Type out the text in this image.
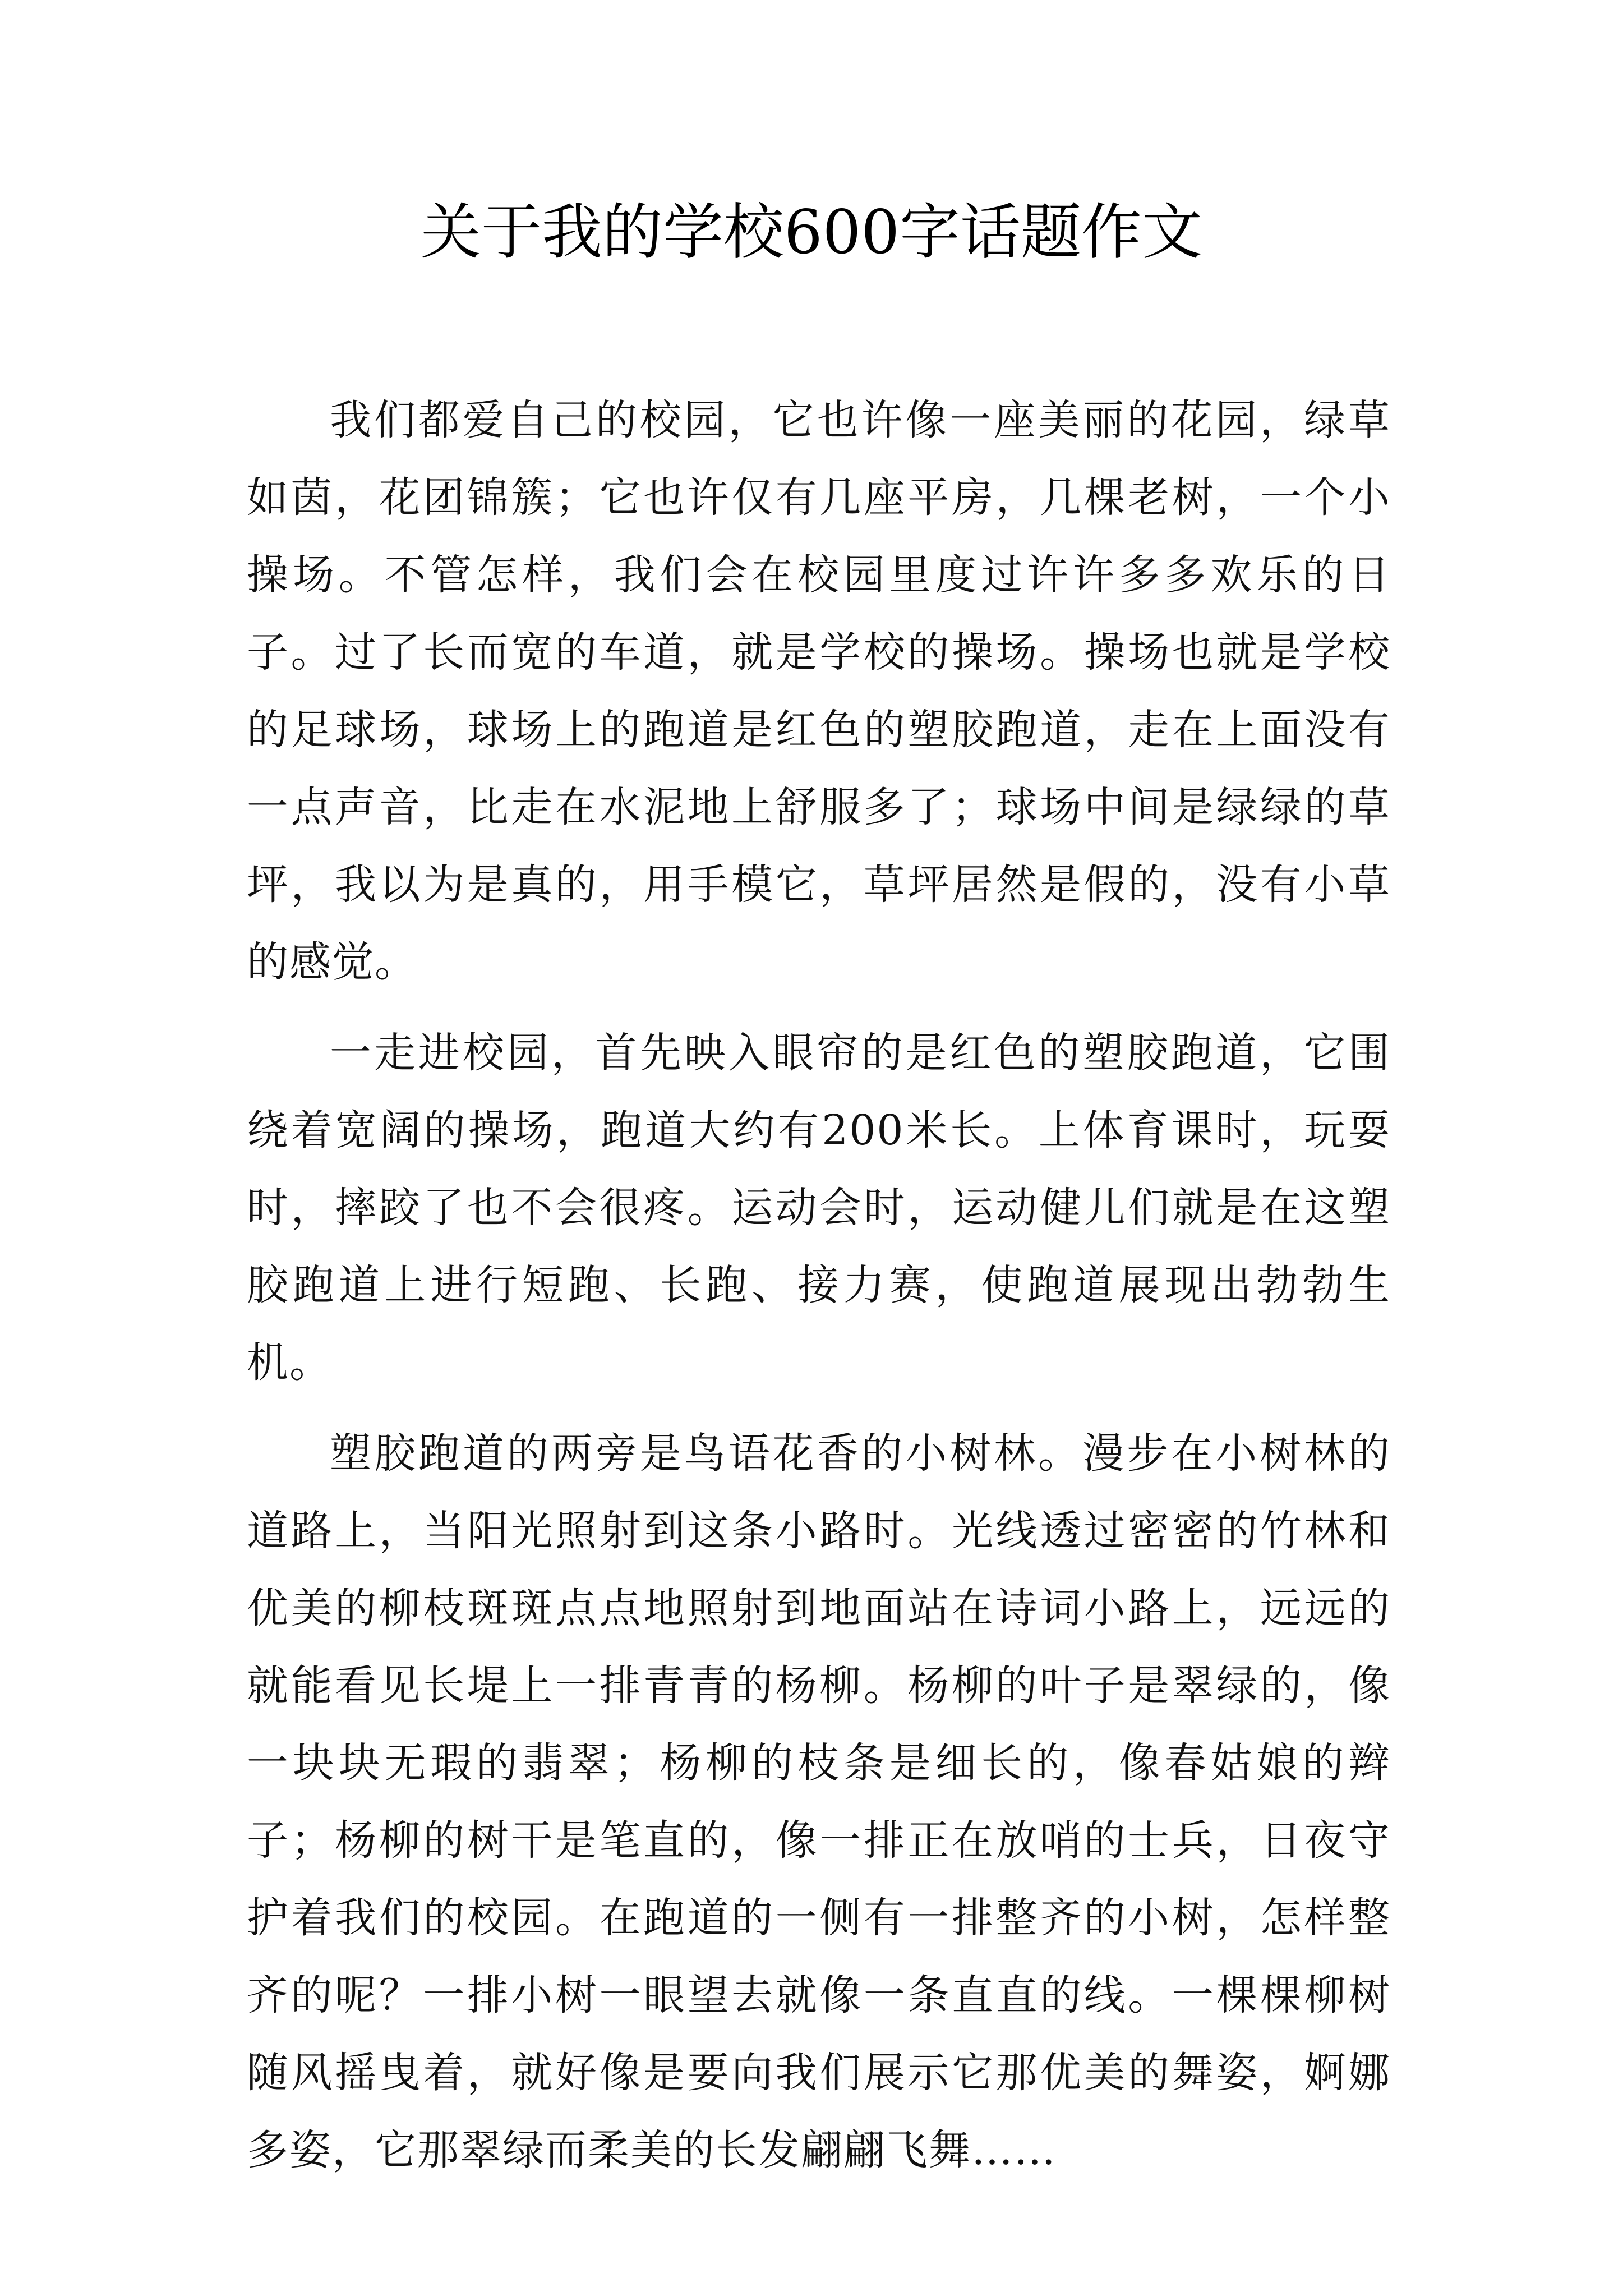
关于我的学校600字话题作文

我们都爱自己的校园，它也许像一座美丽的花园，绿草如茵，花团锦簇；它也许仅有几座平房，几棵老树，一个小操场。不管怎样，我们会在校园里度过许许多多欢乐的日子。过了长而宽的车道，就是学校的操场。操场也就是学校的足球场，球场上的跑道是红色的塑胶跑道，走在上面没有一点声音，比走在水泥地上舒服多了；球场中间是绿绿的草坪，我以为是真的，用手模它，草坪居然是假的，没有小草的感觉。

一走进校园，首先映入眼帘的是红色的塑胶跑道，它围绕着宽阔的操场，跑道大约有200米长。上体育课时，玩耍时，摔跤了也不会很疼。运动会时，运动健儿们就是在这塑胶跑道上进行短跑、长跑、接力赛，使跑道展现出勃勃生机。

塑胶跑道的两旁是鸟语花香的小树林。漫步在小树林的道路上，当阳光照射到这条小路时。光线透过密密的竹林和优美的柳枝斑斑点点地照射到地面站在诗词小路上，远远的就能看见长堤上一排青青的杨柳。杨柳的叶子是翠绿的，像一块块无瑕的翡翠；杨柳的枝条是细长的，像春姑娘的辫子；杨柳的树干是笔直的，像一排正在放哨的士兵，日夜守护着我们的校园。在跑道的一侧有一排整齐的小树，怎样整齐的呢？一排小树一眼望去就像一条直直的线。一棵棵柳树随风摇曳着，就好像是要向我们展示它那优美的舞姿，婀娜多姿，它那翠绿而柔美的长发翩翩飞舞……
